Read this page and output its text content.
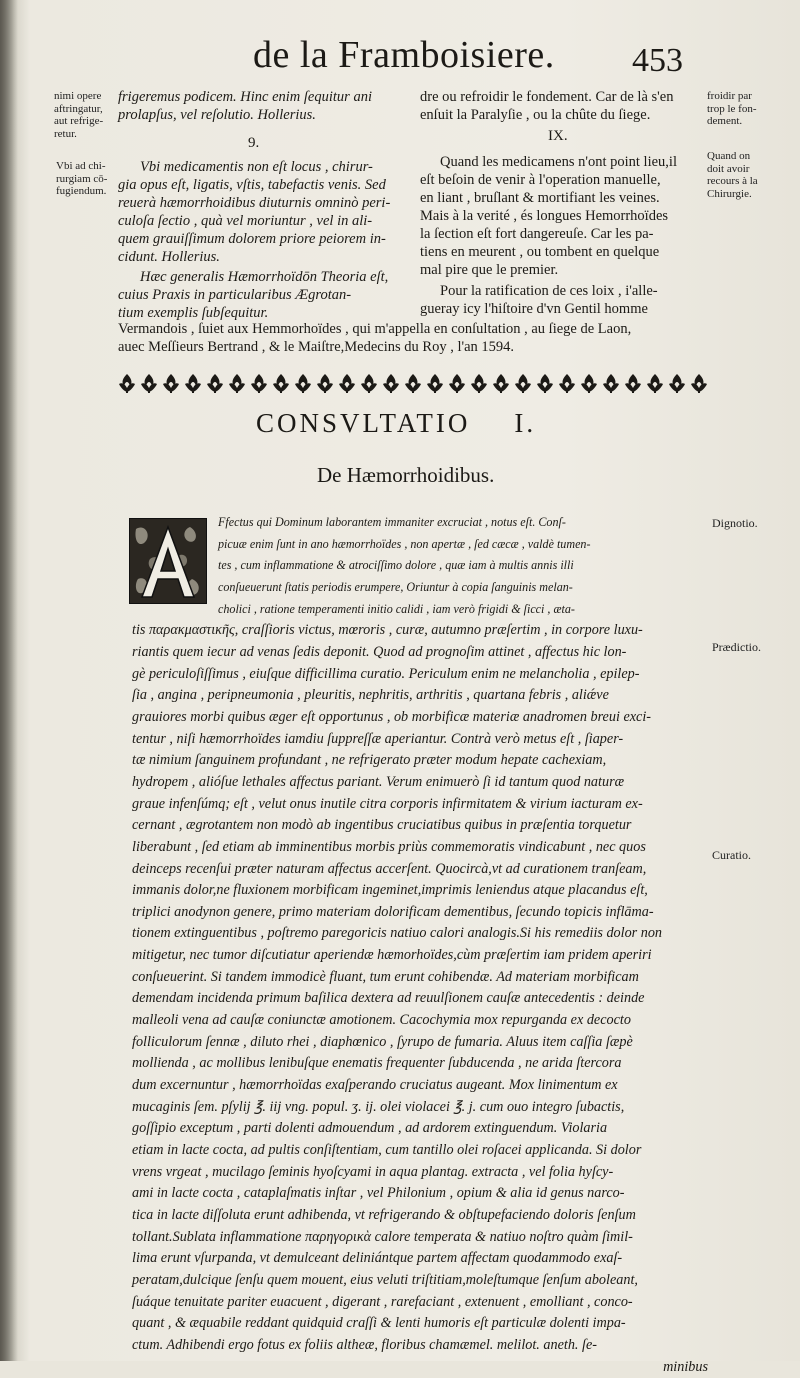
de la Framboisiere. 453
nimi opere
aftringatur,
aut refrige-
retur.
Vbi ad chi-
rurgiam cō-
fugiendum.
froidir par
trop le fon-
dement.
Quand on
doit avoir
recours à la
Chirurgie.
frigeremus podicem. Hinc enim ſequitur ani
prolapſus, vel reſolutio. Hollerius.
9.
Vbi medicamentis non eſt locus , chirur-
gia opus eſt, ligatis, vſtis, tabefactis venis. Sed
reuerà hæmorrhoidibus diuturnis omninò peri-
culoſa ſectio , quà vel moriuntur , vel in ali-
quem grauiſſimum dolorem priore peiorem in-
cidunt. Hollerius.
Hæc generalis Hæmorrhoïdōn Theoria eſt,
cuius Praxis in particularibus Ægrotan-
tium exemplis ſubſequitur.
dre ou refroidir le fondement. Car de là s'en
enſuit la Paralyſie , ou la chûte du ſiege.
IX.
Quand les medicamens n'ont point lieu,il
eſt beſoin de venir à l'operation manuelle,
en liant , bruſlant & mortifiant les veines.
Mais à la verité , és longues Hemorrhoïdes
la ſection eſt fort dangereuſe. Car les pa-
tiens en meurent , ou tombent en quelque
mal pire que le premier.
Pour la ratification de ces loix , i'alle-
gueray icy l'hiſtoire d'vn Gentil homme
Vermandois , ſuiet aux Hemmorhoïdes , qui m'appella en conſultation , au ſiege de Laon,
auec Meſſieurs Bertrand , & le Maiſtre,Medecins du Roy , l'an 1594.
CONSVLTATIO I.
De Hæmorrhoidibus.
Dignotio.
Prædictio.
Curatio.
Ffectus qui Dominum laborantem immaniter excruciat , notus eſt. Conſ-
picuæ enim ſunt in ano hæmorrhoïdes , non apertæ , ſed cæcæ , valdè tumen-
tes , cum inflammatione & atrociſſimo dolore , quæ iam à multis annis illi
conſueuerunt ſtatis periodis erumpere, Oriuntur à copia ſanguinis melan-
cholici , ratione temperamenti initio calidi , iam verò frigidi & ſicci , æta-
tis παρακμαστικῆς, craſſioris victus, mœroris , curæ, autumno præſertim , in corpore luxu-
riantis quem iecur ad venas ſedis deponit. Quod ad prognoſim attinet , affectus hic lon-
gè periculoſiſſimus , eiuſque difficillima curatio. Periculum enim ne melancholia , epilep-
ſia , angina , peripneumonia , pleuritis, nephritis, arthritis , quartana febris , aliǽve
grauiores morbi quibus æger eſt opportunus , ob morbificæ materiæ anadromen breui exci-
tentur , niſi hæmorrhoïdes iamdiu ſuppreſſæ aperiantur. Contrà verò metus eſt , ſiaper-
tæ nimium ſanguinem profundant , ne refrigerato præter modum hepate cachexiam,
hydropem , alióſue lethales affectus pariant. Verum enimuerò ſi id tantum quod naturæ
graue infenſúmq; eſt , velut onus inutile citra corporis infirmitatem & virium iacturam ex-
cernant , ægrotantem non modò ab ingentibus cruciatibus quibus in præſentia torquetur
liberabunt , ſed etiam ab imminentibus morbis priùs commemoratis vindicabunt , nec quos
deinceps recenſui præter naturam affectus accerſent. Quocircà,vt ad curationem tranſeam,
immanis dolor,ne fluxionem morbificam ingeminet,imprimis leniendus atque placandus eſt,
triplici anodynon genere, primo materiam dolorificam dementibus, ſecundo topicis inflāma-
tionem extinguentibus , poſtremo paregoricis natiuo calori analogis.Si his remediis dolor non
mitigetur, nec tumor diſcutiatur aperiendæ hæmorhoïdes,cùm præſertim iam pridem aperiri
conſueuerint. Si tandem immodicè fluant, tum erunt cohibendæ. Ad materiam morbificam
demendam incidenda primum baſilica dextera ad reuulſionem cauſæ antecedentis : deinde
malleoli vena ad cauſæ coniunctæ amotionem. Cacochymia mox repurganda ex decocto
folliculorum ſennæ , diluto rhei , diaphœnico , ſyrupo de fumaria. Aluus item caſſia ſæpè
mollienda , ac mollibus lenibuſque enematis frequenter ſubducenda , ne arida ſtercora
dum excernuntur , hæmorrhoïdas exaſperando cruciatus augeant. Mox linimentum ex
mucaginis ſem. pſylij ℥. iij vng. popul. ʒ. ij. olei violacei ℥. j. cum ouo integro ſubactis,
goſſipio exceptum , parti dolenti admouendum , ad ardorem extinguendum. Violaria
etiam in lacte cocta, ad pultis conſiſtentiam, cum tantillo olei roſacei applicanda. Si dolor
vrens vrgeat , mucilago ſeminis hyoſcyami in aqua plantag. extracta , vel folia hyſcy-
ami in lacte cocta , cataplaſmatis inſtar , vel Philonium , opium & alia id genus narco-
tica in lacte diſſoluta erunt adhibenda, vt refrigerando & obſtupefaciendo doloris ſenſum
tollant.Sublata inflammatione παρηγορικὰ calore temperata & natiuo noſtro quàm ſimil-
lima erunt vſurpanda, vt demulceant deliniántque partem affectam quodammodo exaſ-
peratam,dulcique ſenſu quem mouent, eius veluti triſtitiam,moleſtumque ſenſum aboleant,
ſuáque tenuitate pariter euacuent , digerant , rarefaciant , extenuent , emolliant , conco-
quant , & æquabile reddant quidquid craſſi & lenti humoris eſt particulæ dolenti impa-
ctum. Adhibendi ergo fotus ex foliis altheæ, floribus chamæmel. melilot. aneth. ſe-
minibus
